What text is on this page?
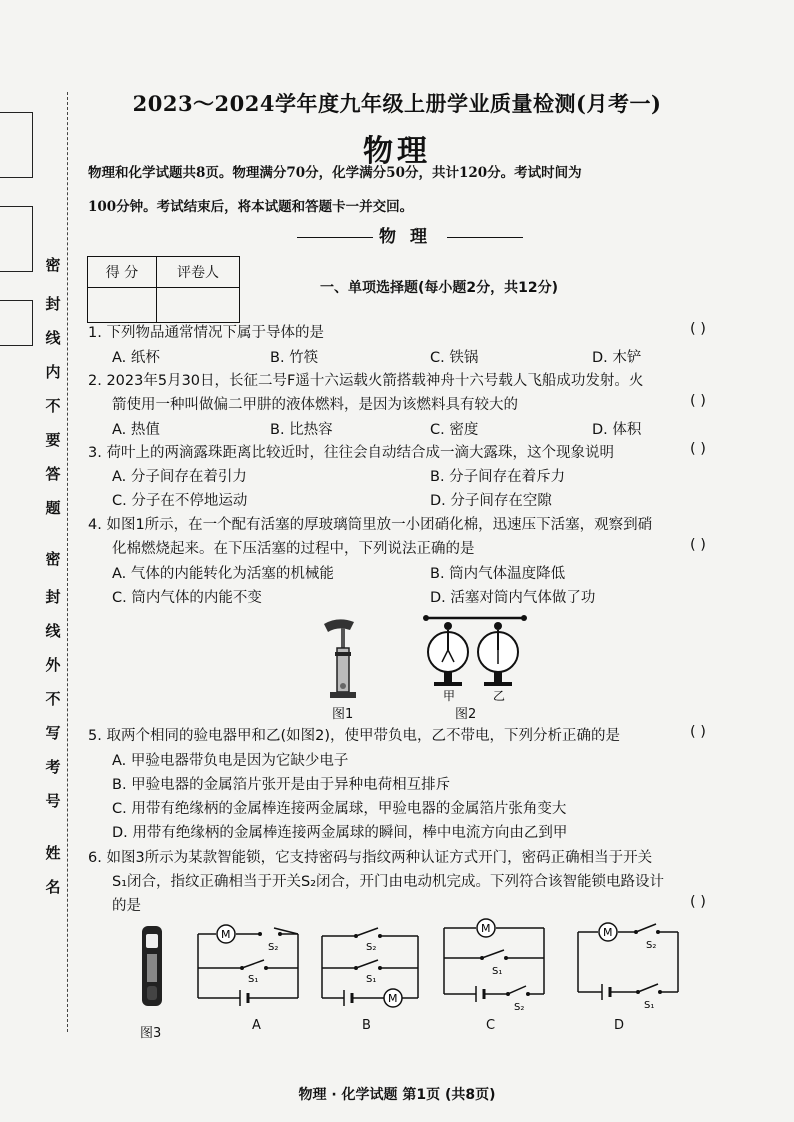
密
封
线
内
不
要
答
题
密
封
线
外
不
写
考
号
姓
名
2023～2024学年度九年级上册学业质量检测(月考一)
物理
物理和化学试题共8页。物理满分70分，化学满分50分，共计120分。考试时间为
100分钟。考试结束后，将本试题和答题卡一并交回。
物理
得 分	评卷人

一、单项选择题(每小题2分，共12分)
1. 下列物品通常情况下属于导体的是	( )
A. 纸杯	B. 竹筷	C. 铁锅	D. 木铲
2. 2023年5月30日，长征二号F遥十六运载火箭搭载神舟十六号载人飞船成功发射。火
箭使用一种叫做偏二甲肼的液体燃料，是因为该燃料具有较大的	( )
A. 热值	B. 比热容	C. 密度	D. 体积
3. 荷叶上的两滴露珠距离比较近时，往往会自动结合成一滴大露珠，这个现象说明	( )
A. 分子间存在着引力	B. 分子间存在着斥力
C. 分子在不停地运动	D. 分子间存在空隙
4. 如图1所示，在一个配有活塞的厚玻璃筒里放一小团硝化棉，迅速压下活塞，观察到硝
化棉燃烧起来。在下压活塞的过程中，下列说法正确的是	( )
A. 气体的内能转化为活塞的机械能	B. 筒内气体温度降低
C. 筒内气体的内能不变	D. 活塞对筒内气体做了功
图1
甲	乙
图2
5. 取两个相同的验电器甲和乙(如图2)，使甲带负电，乙不带电，下列分析正确的是	( )
A. 甲验电器带负电是因为它缺少电子
B. 甲验电器的金属箔片张开是由于异种电荷相互排斥
C. 用带有绝缘柄的金属棒连接两金属球，甲验电器的金属箔片张角变大
D. 用带有绝缘柄的金属棒连接两金属球的瞬间，棒中电流方向由乙到甲
6. 如图3所示为某款智能锁，它支持密码与指纹两种认证方式开门，密码正确相当于开关
S₁闭合，指纹正确相当于开关S₂闭合，开门由电动机完成。下列符合该智能锁电路设计
的是	( )
图3
M
S₂
S₁
A
S₂
S₁
M
B
M
S₁
S₂
C
M
S₂
S₁
D
物理 · 化学试题 第1页 (共8页)
